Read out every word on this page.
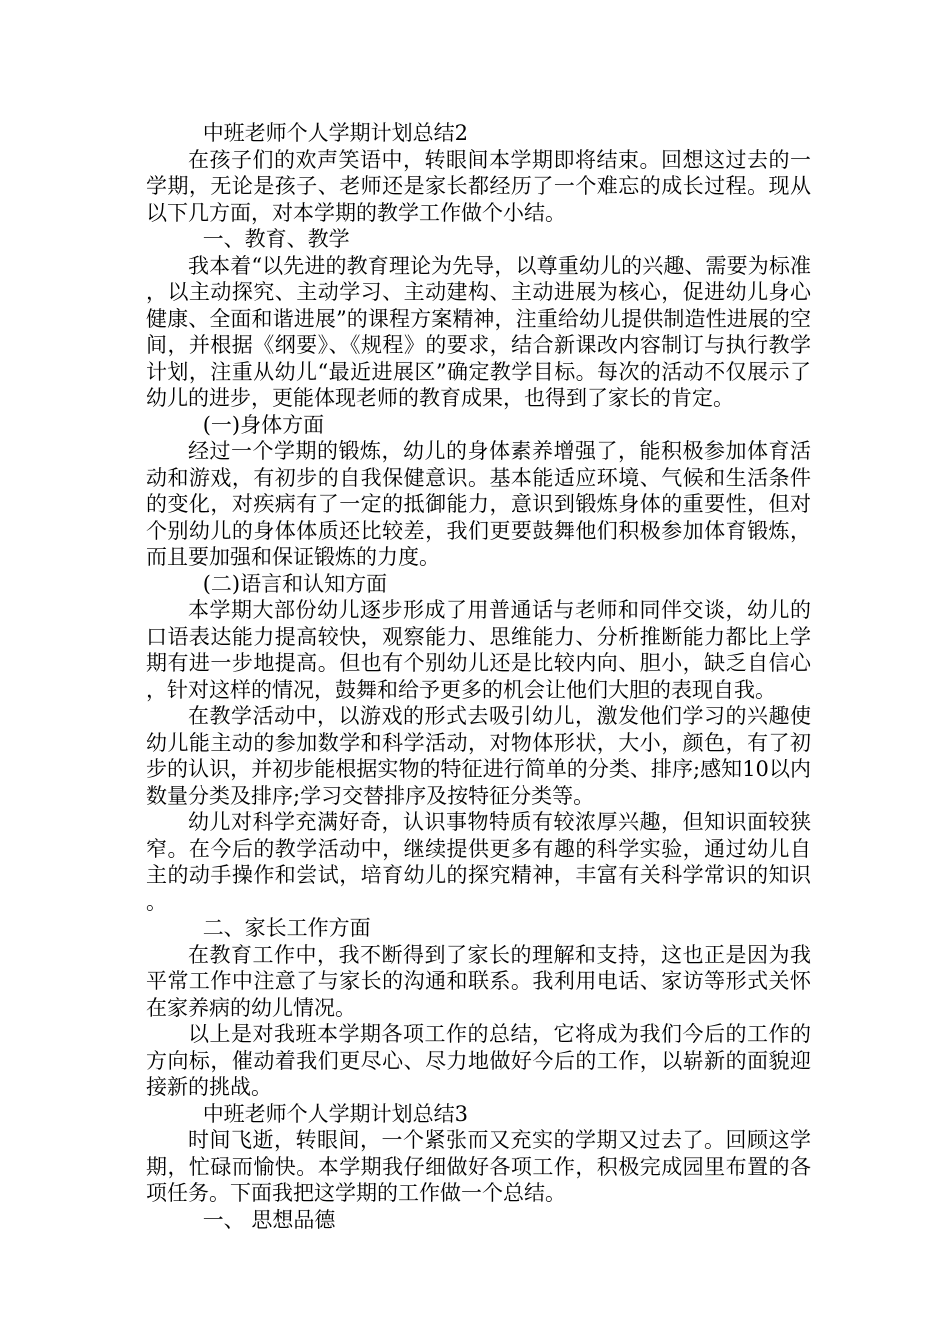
中班老师个人学期计划总结2

在孩子们的欢声笑语中，转眼间本学期即将结束。回想这过去的一学期，无论是孩子、老师还是家长都经历了一个难忘的成长过程。现从以下几方面，对本学期的教学工作做个小结。

一、教育、教学

我本着“以先进的教育理论为先导，以尊重幼儿的兴趣、需要为标准，以主动探究、主动学习、主动建构、主动进展为核心，促进幼儿身心健康、全面和谐进展”的课程方案精神，注重给幼儿提供制造性进展的空间，并根据《纲要》、《规程》的要求，结合新课改内容制订与执行教学计划，注重从幼儿“最近进展区”确定教学目标。每次的活动不仅展示了幼儿的进步，更能体现老师的教育成果，也得到了家长的肯定。

(一)身体方面

经过一个学期的锻炼，幼儿的身体素养增强了，能积极参加体育活动和游戏，有初步的自我保健意识。基本能适应环境、气候和生活条件的变化，对疾病有了一定的抵御能力，意识到锻炼身体的重要性，但对个别幼儿的身体体质还比较差，我们更要鼓舞他们积极参加体育锻炼，而且要加强和保证锻炼的力度。

(二)语言和认知方面

本学期大部份幼儿逐步形成了用普通话与老师和同伴交谈，幼儿的口语表达能力提高较快，观察能力、思维能力、分析推断能力都比上学期有进一步地提高。但也有个别幼儿还是比较内向、胆小，缺乏自信心，针对这样的情况，鼓舞和给予更多的机会让他们大胆的表现自我。

在教学活动中，以游戏的形式去吸引幼儿，激发他们学习的兴趣使幼儿能主动的参加数学和科学活动，对物体形状，大小，颜色，有了初步的认识，并初步能根据实物的特征进行简单的分类、排序;感知10以内数量分类及排序;学习交替排序及按特征分类等。

幼儿对科学充满好奇，认识事物特质有较浓厚兴趣，但知识面较狭窄。在今后的教学活动中，继续提供更多有趣的科学实验，通过幼儿自主的动手操作和尝试，培育幼儿的探究精神，丰富有关科学常识的知识。

二、家长工作方面

在教育工作中，我不断得到了家长的理解和支持，这也正是因为我平常工作中注意了与家长的沟通和联系。我利用电话、家访等形式关怀在家养病的幼儿情况。

以上是对我班本学期各项工作的总结，它将成为我们今后的工作的方向标，催动着我们更尽心、尽力地做好今后的工作，以崭新的面貌迎接新的挑战。

中班老师个人学期计划总结3

时间飞逝，转眼间，一个紧张而又充实的学期又过去了。回顾这学期，忙碌而愉快。本学期我仔细做好各项工作，积极完成园里布置的各项任务。下面我把这学期的工作做一个总结。

一、 思想品德
